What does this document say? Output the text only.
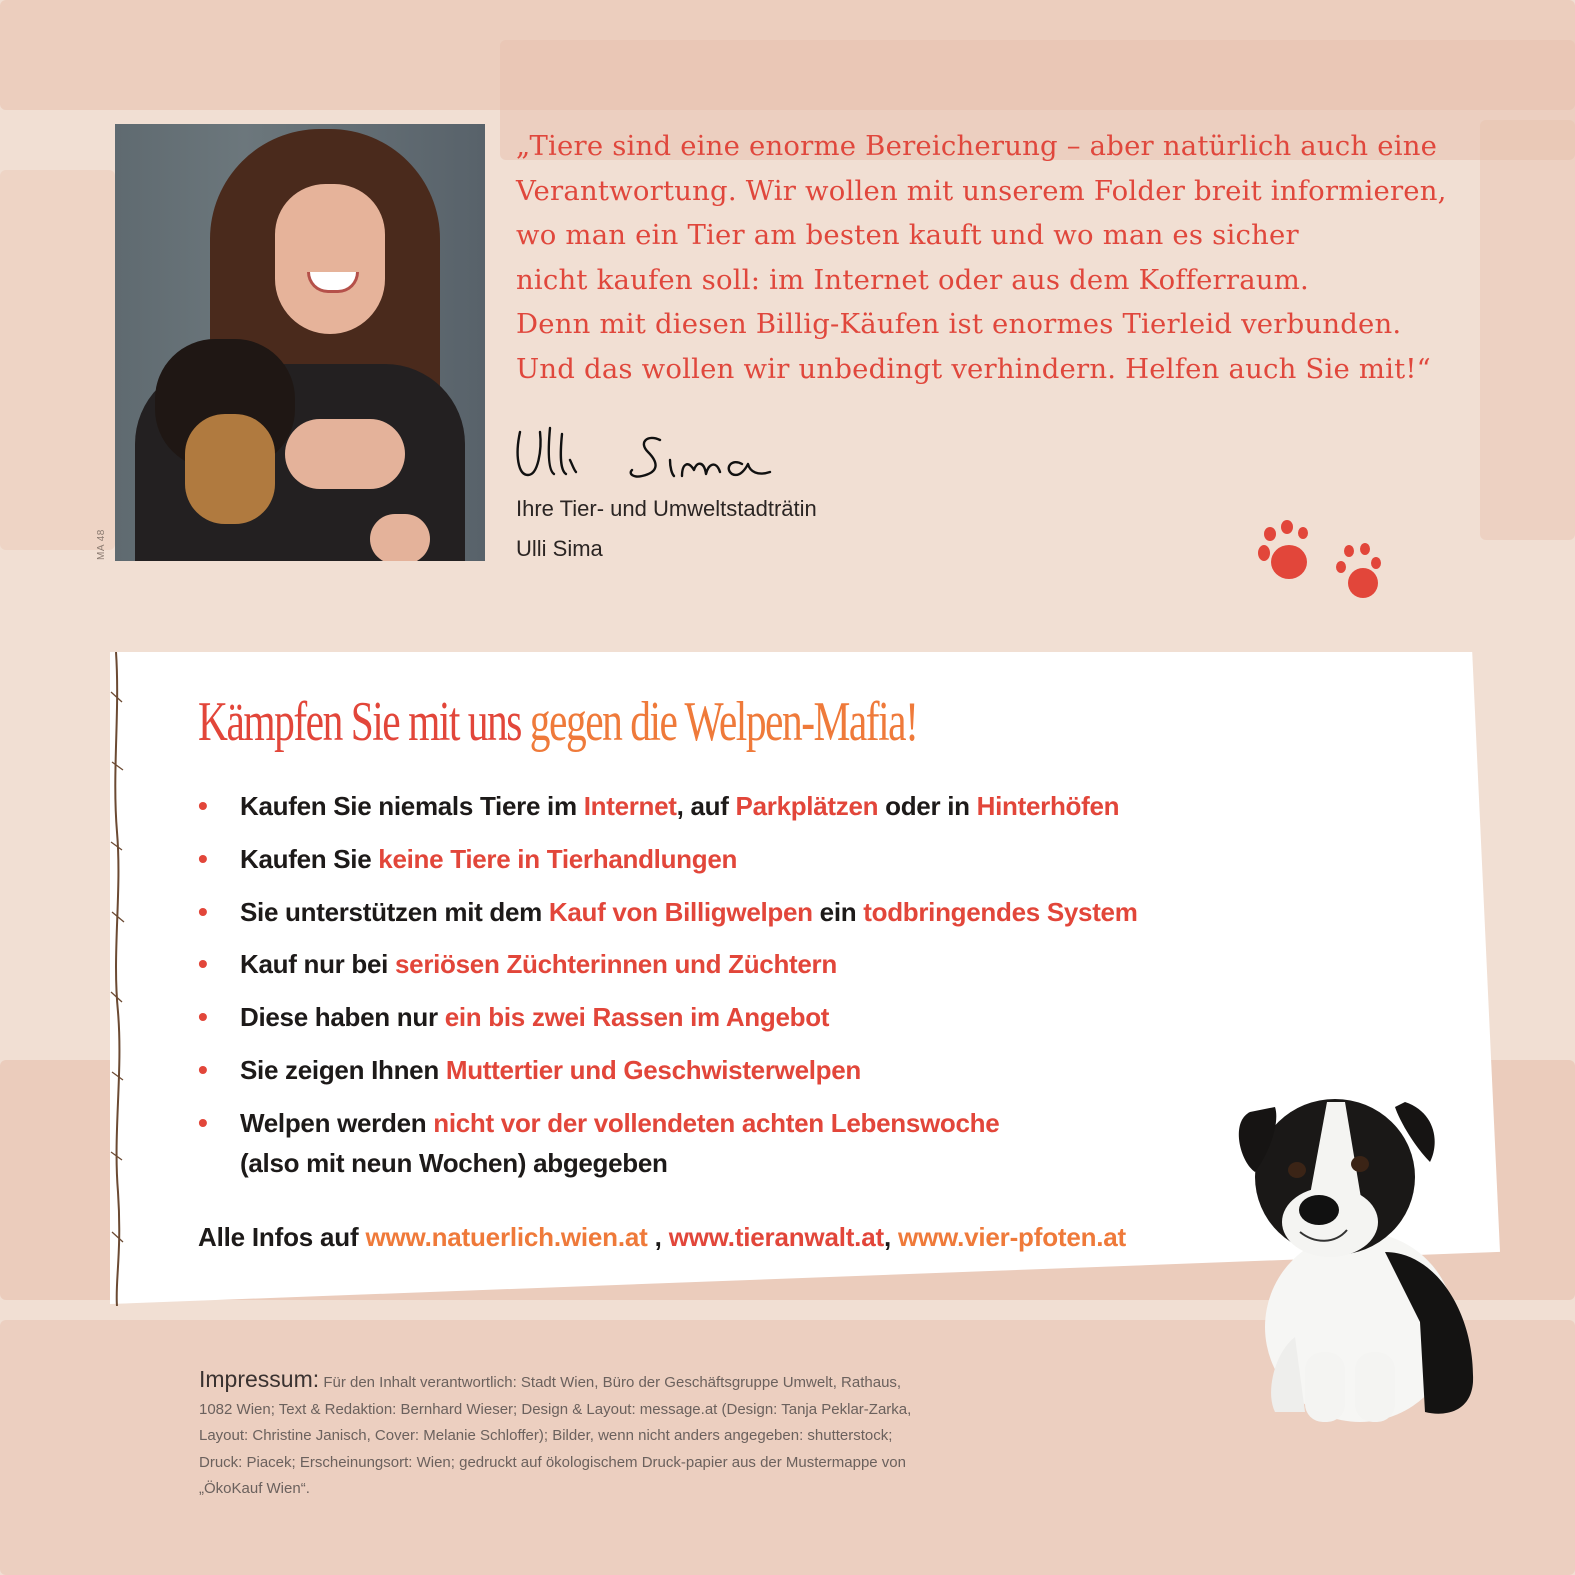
MA 48
„Tiere sind eine enorme Bereicherung – aber natürlich auch eine
Verantwortung. Wir wollen mit unserem Folder breit informieren,
wo man ein Tier am besten kauft und wo man es sicher
nicht kaufen soll: im Internet oder aus dem Kofferraum.
Denn mit diesen Billig-Käufen ist enormes Tierleid verbunden.
Und das wollen wir unbedingt verhindern. Helfen auch Sie mit!“
Ihre Tier- und Umweltstadträtin
Ulli Sima
Kämpfen Sie mit uns gegen die Welpen-Mafia!
• Kaufen Sie niemals Tiere im Internet, auf Parkplätzen oder in Hinterhöfen
• Kaufen Sie keine Tiere in Tierhandlungen
• Sie unterstützen mit dem Kauf von Billigwelpen ein todbringendes System
• Kauf nur bei seriösen Züchterinnen und Züchtern
• Diese haben nur ein bis zwei Rassen im Angebot
• Sie zeigen Ihnen Muttertier und Geschwisterwelpen
• Welpen werden nicht vor der vollendeten achten Lebenswoche
(also mit neun Wochen) abgegeben
Alle Infos auf www.natuerlich.wien.at , www.tieranwalt.at, www.vier-pfoten.at
Impressum: Für den Inhalt verantwortlich: Stadt Wien, Büro der Geschäftsgruppe Umwelt, Rathaus, 1082 Wien; Text & Redaktion: Bernhard Wieser; Design & Layout: message.at (Design: Tanja Peklar-Zarka, Layout: Christine Janisch, Cover: Melanie Schloffer); Bilder, wenn nicht anders angegeben: shutterstock; Druck: Piacek; Erscheinungsort: Wien; gedruckt auf ökologischem Druck-papier aus der Mustermappe von „ÖkoKauf Wien“.
